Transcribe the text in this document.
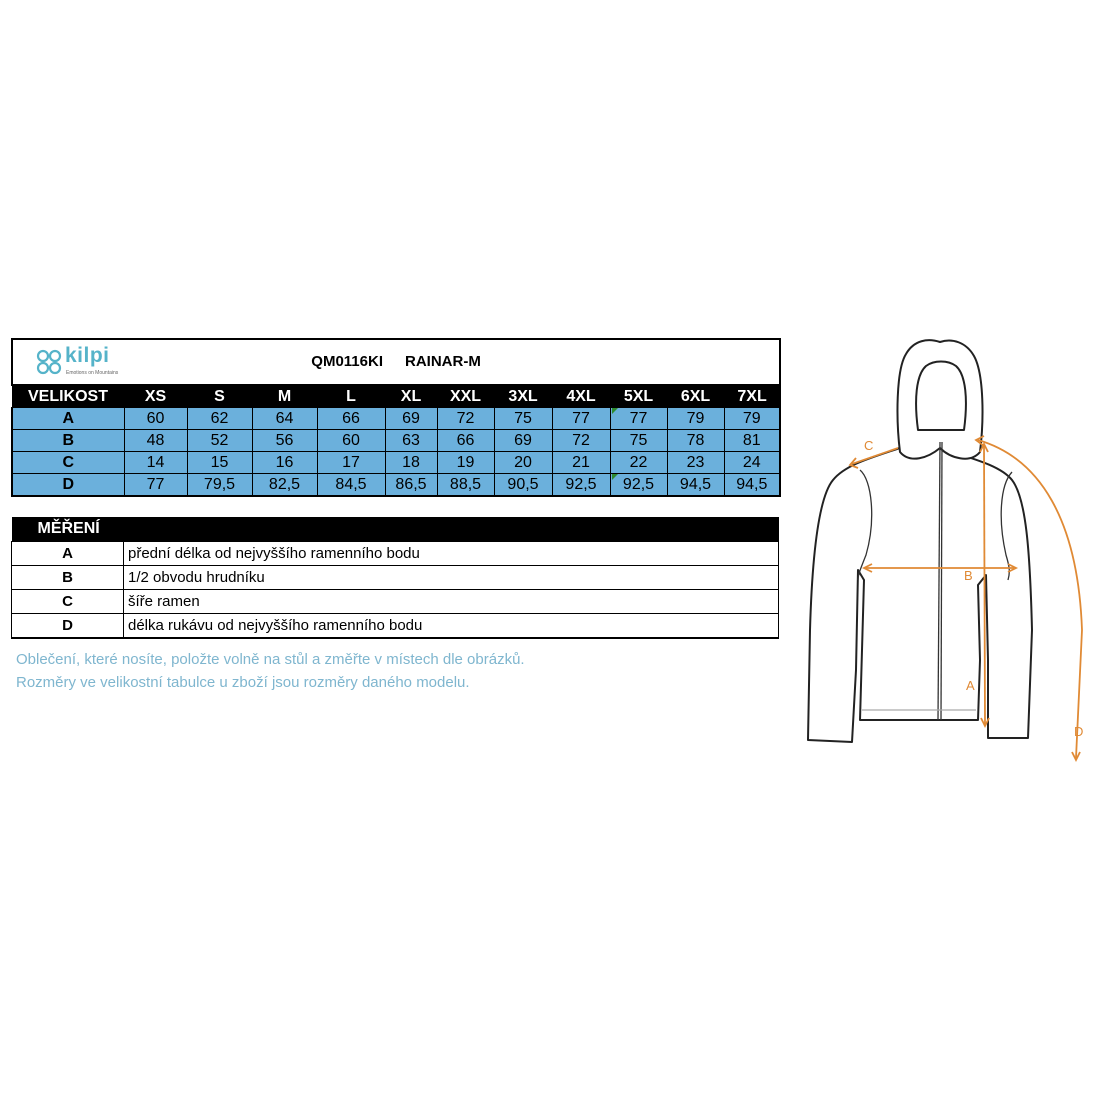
kilpi
Emotions on Mountains
QM0116KI RAINAR-M											

VELIKOST	XS	S	M	L	XL	XXL	3XL	4XL	5XL	6XL	7XL
A	60	62	64	66	69	72	75	77	77	79	79
B	48	52	56	60	63	66	69	72	75	78	81
C	14	15	16	17	18	19	20	21	22	23	24
D	77	79,5	82,5	84,5	86,5	88,5	90,5	92,5	92,5	94,5	94,5
MĚŘENÍ	
A	přední délka od nejvyššího ramenního bodu
B	1/2 obvodu hrudníku
C	šíře ramen
D	délka rukávu od nejvyššího ramenního bodu
Oblečení, které nosíte, položte volně na stůl a změřte v místech dle obrázků.
Rozměry ve velikostní tabulce u zboží jsou rozměry daného modelu.
C
B
A
D
